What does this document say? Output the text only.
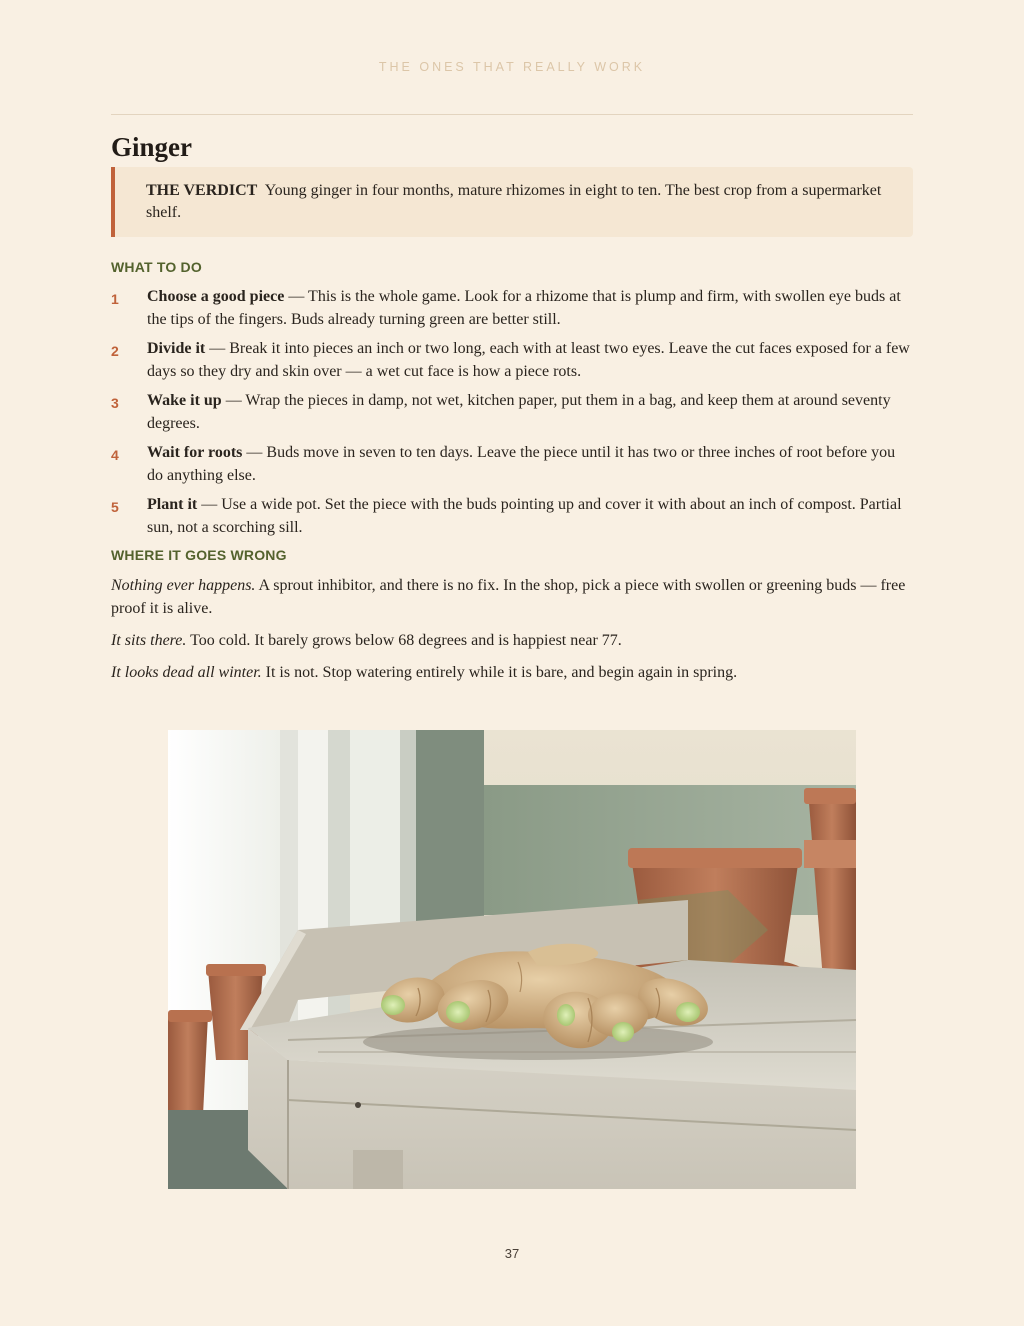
THE ONES THAT REALLY WORK
Ginger
THE VERDICT Young ginger in four months, mature rhizomes in eight to ten. The best crop from a supermarket shelf.
WHAT TO DO
1	Choose a good piece — This is the whole game. Look for a rhizome that is plump and firm, with swollen eye buds at the tips of the fingers. Buds already turning green are better still.
2	Divide it — Break it into pieces an inch or two long, each with at least two eyes. Leave the cut faces exposed for a few days so they dry and skin over — a wet cut face is how a piece rots.
3	Wake it up — Wrap the pieces in damp, not wet, kitchen paper, put them in a bag, and keep them at around seventy degrees.
4	Wait for roots — Buds move in seven to ten days. Leave the piece until it has two or three inches of root before you do anything else.
5	Plant it — Use a wide pot. Set the piece with the buds pointing up and cover it with about an inch of compost. Partial sun, not a scorching sill.
WHERE IT GOES WRONG

Nothing ever happens. A sprout inhibitor, and there is no fix. In the shop, pick a piece with swollen or greening buds — free proof it is alive.

It sits there. Too cold. It barely grows below 68 degrees and is happiest near 77.

It looks dead all winter. It is not. Stop watering entirely while it is bare, and begin again in spring.

37
